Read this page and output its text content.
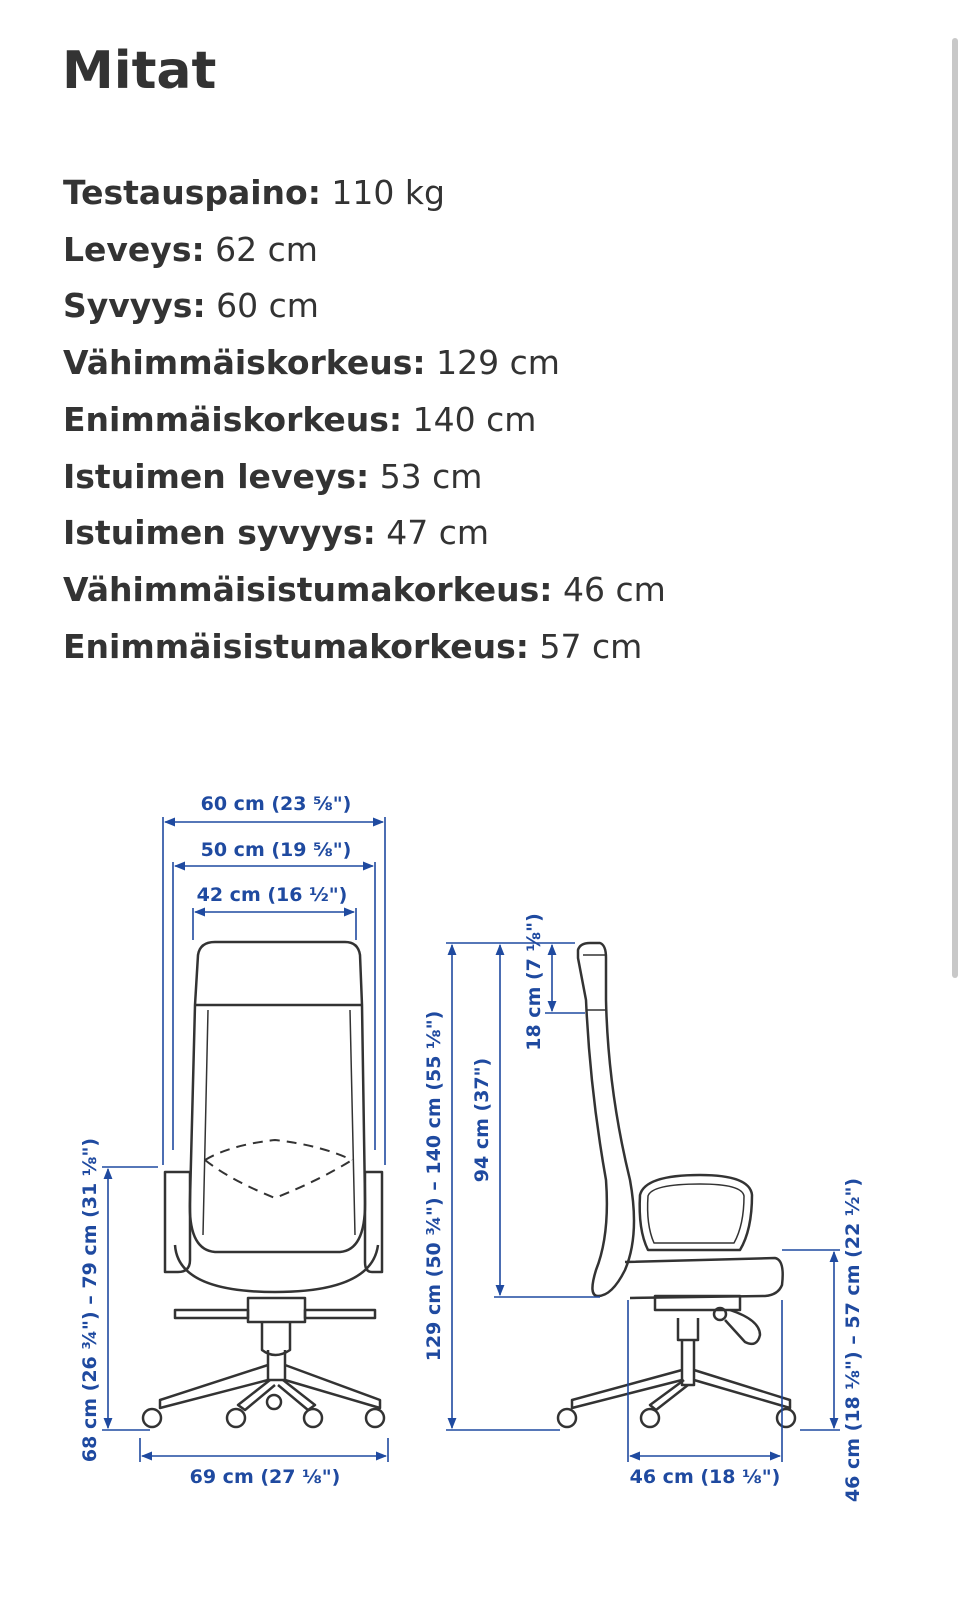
Mitat
Testauspaino: 110 kg
Leveys: 62 cm
Syvyys: 60 cm
Vähimmäiskorkeus: 129 cm
Enimmäiskorkeus: 140 cm
Istuimen leveys: 53 cm
Istuimen syvyys: 47 cm
Vähimmäisistumakorkeus: 46 cm
Enimmäisistumakorkeus: 57 cm
60 cm (23 ⅝")
50 cm (19 ⅝")
42 cm (16 ½")
68 cm (26 ¾") – 79 cm (31 ⅛")
69 cm (27 ⅛")
129 cm (50 ¾") – 140 cm (55 ⅛") 94 cm (37")
18 cm (7 ⅛")
46 cm (18 ⅛")	46 cm (18 ⅛") – 57 cm (22 ½")
